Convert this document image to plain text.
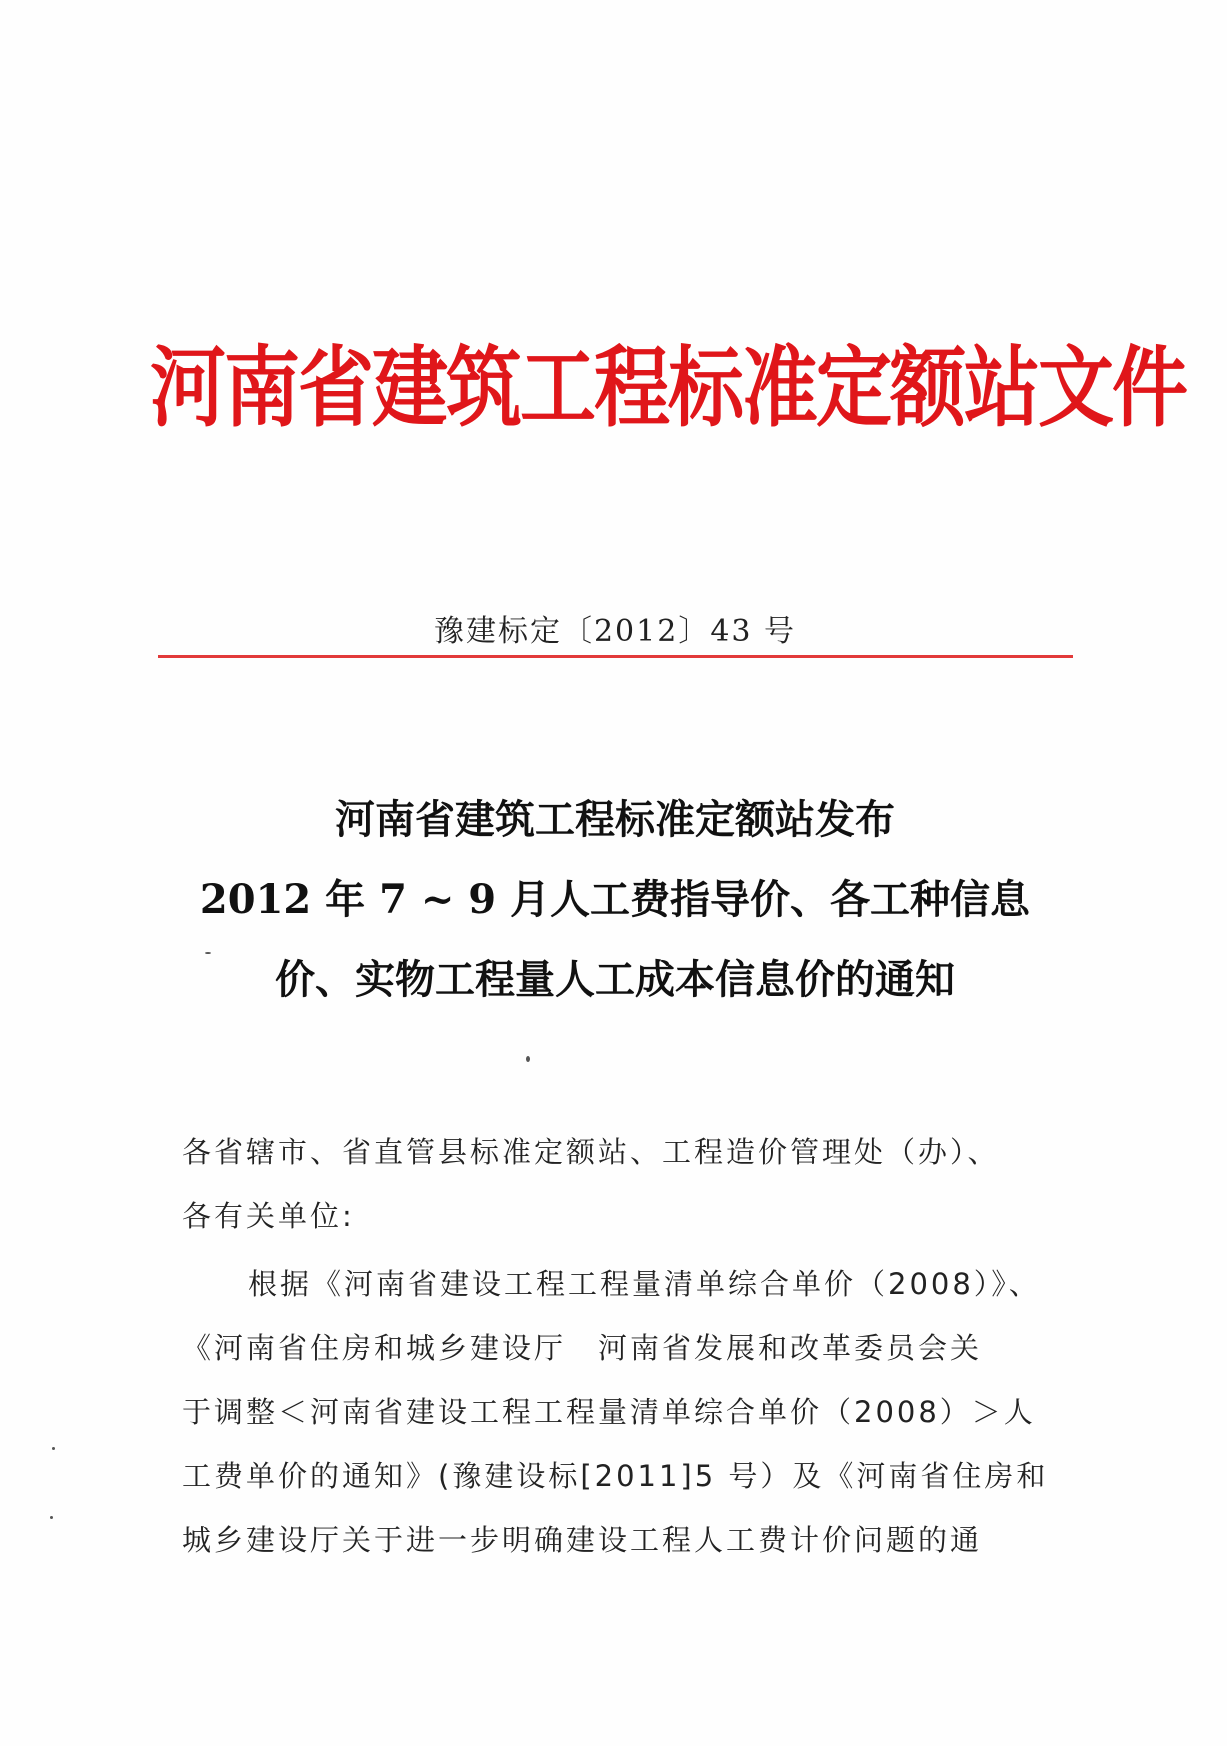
河南省建筑工程标准定额站文件
豫建标定〔2012〕43 号
河南省建筑工程标准定额站发布
2012 年 7 ~ 9 月人工费指导价、各工种信息
价、实物工程量人工成本信息价的通知
各省辖市、省直管县标准定额站、工程造价管理处（办）、
各有关单位:
根据《河南省建设工程工程量清单综合单价（2008）》、
《河南省住房和城乡建设厅　河南省发展和改革委员会关
于调整＜河南省建设工程工程量清单综合单价（2008）＞人
工费单价的通知》(豫建设标[2011]5 号）及《河南省住房和
城乡建设厅关于进一步明确建设工程人工费计价问题的通
